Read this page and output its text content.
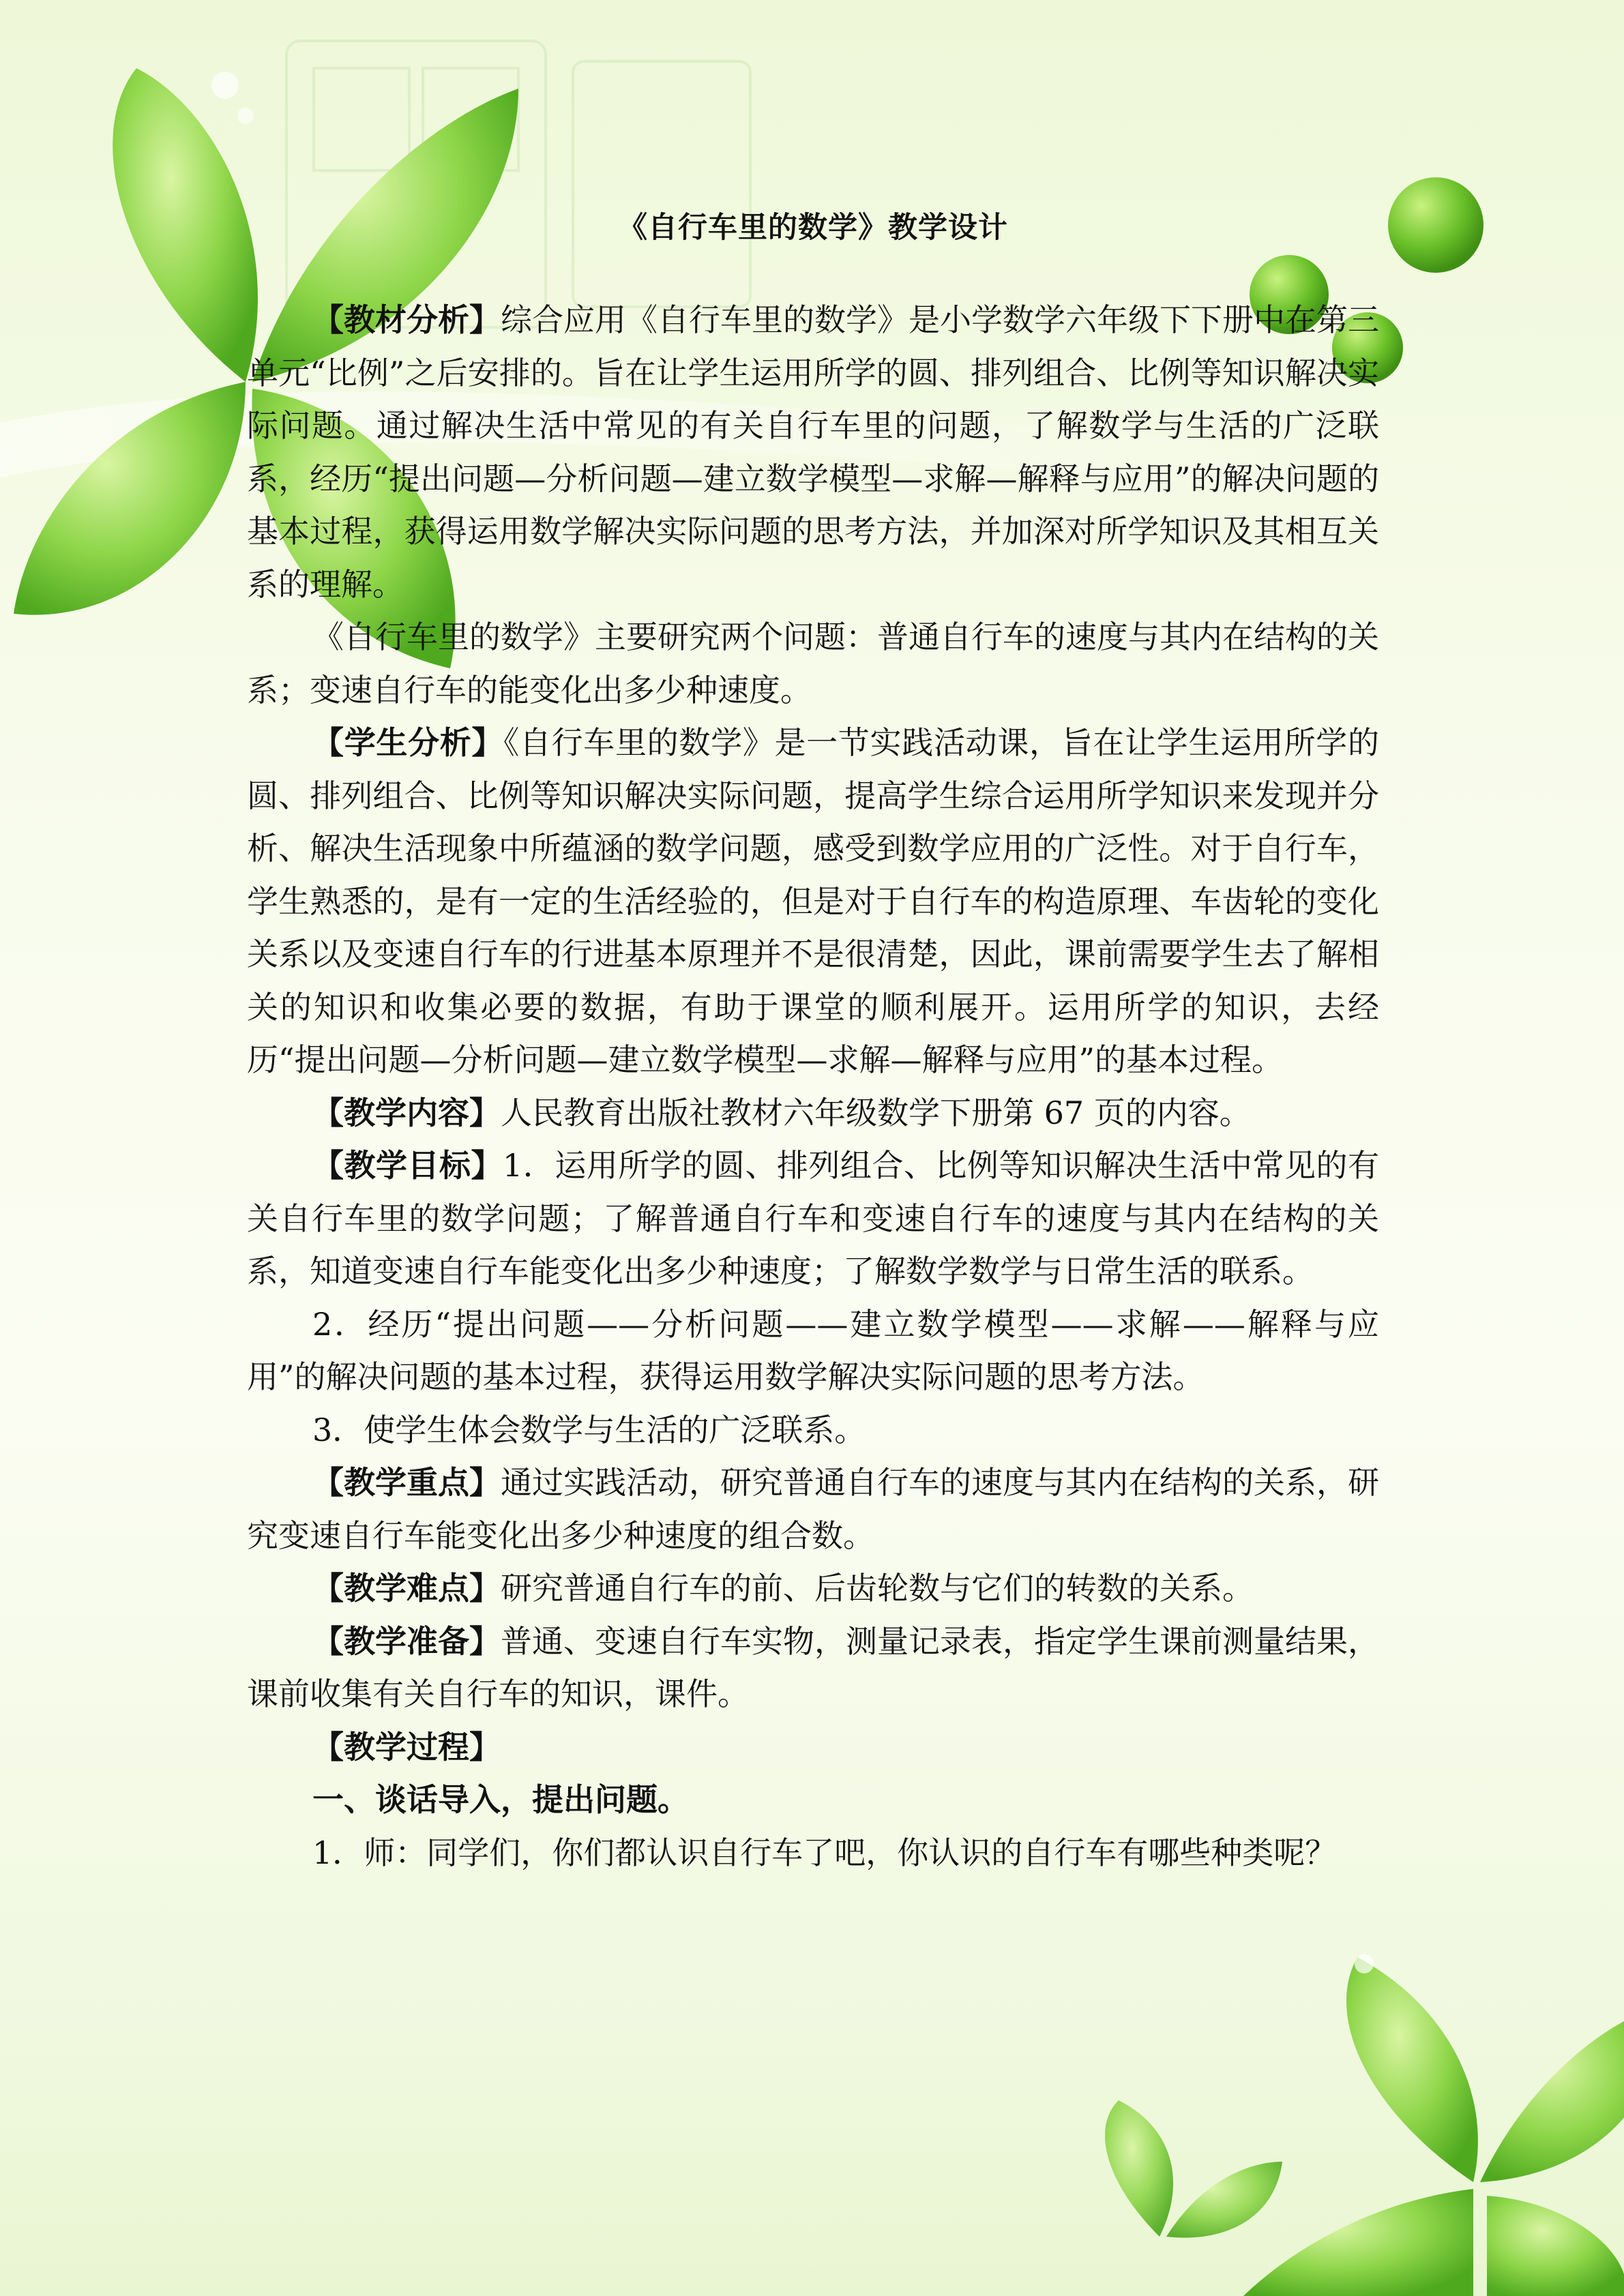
《自行车里的数学》教学设计

【教材分析】综合应用《自行车里的数学》是小学数学六年级下下册中在第三单元“比例”之后安排的。旨在让学生运用所学的圆、排列组合、比例等知识解决实际问题。通过解决生活中常见的有关自行车里的问题，了解数学与生活的广泛联系，经历“提出问题—分析问题—建立数学模型—求解—解释与应用”的解决问题的基本过程，获得运用数学解决实际问题的思考方法，并加深对所学知识及其相互关系的理解。

《自行车里的数学》主要研究两个问题：普通自行车的速度与其内在结构的关系；变速自行车的能变化出多少种速度。

【学生分析】《自行车里的数学》是一节实践活动课，旨在让学生运用所学的圆、排列组合、比例等知识解决实际问题，提高学生综合运用所学知识来发现并分析、解决生活现象中所蕴涵的数学问题，感受到数学应用的广泛性。对于自行车，学生熟悉的，是有一定的生活经验的，但是对于自行车的构造原理、车齿轮的变化关系以及变速自行车的行进基本原理并不是很清楚，因此，课前需要学生去了解相关的知识和收集必要的数据，有助于课堂的顺利展开。运用所学的知识，去经历“提出问题—分析问题—建立数学模型—求解—解释与应用”的基本过程。

【教学内容】人民教育出版社教材六年级数学下册第 67 页的内容。

【教学目标】1．运用所学的圆、排列组合、比例等知识解决生活中常见的有关自行车里的数学问题；了解普通自行车和变速自行车的速度与其内在结构的关系，知道变速自行车能变化出多少种速度；了解数学数学与日常生活的联系。

2．经历“提出问题——分析问题——建立数学模型——求解——解释与应用”的解决问题的基本过程，获得运用数学解决实际问题的思考方法。

3．使学生体会数学与生活的广泛联系。

【教学重点】通过实践活动，研究普通自行车的速度与其内在结构的关系，研究变速自行车能变化出多少种速度的组合数。

【教学难点】研究普通自行车的前、后齿轮数与它们的转数的关系。

【教学准备】普通、变速自行车实物，测量记录表，指定学生课前测量结果，课前收集有关自行车的知识，课件。

【教学过程】

一、谈话导入，提出问题。

1．师：同学们，你们都认识自行车了吧，你认识的自行车有哪些种类呢？
